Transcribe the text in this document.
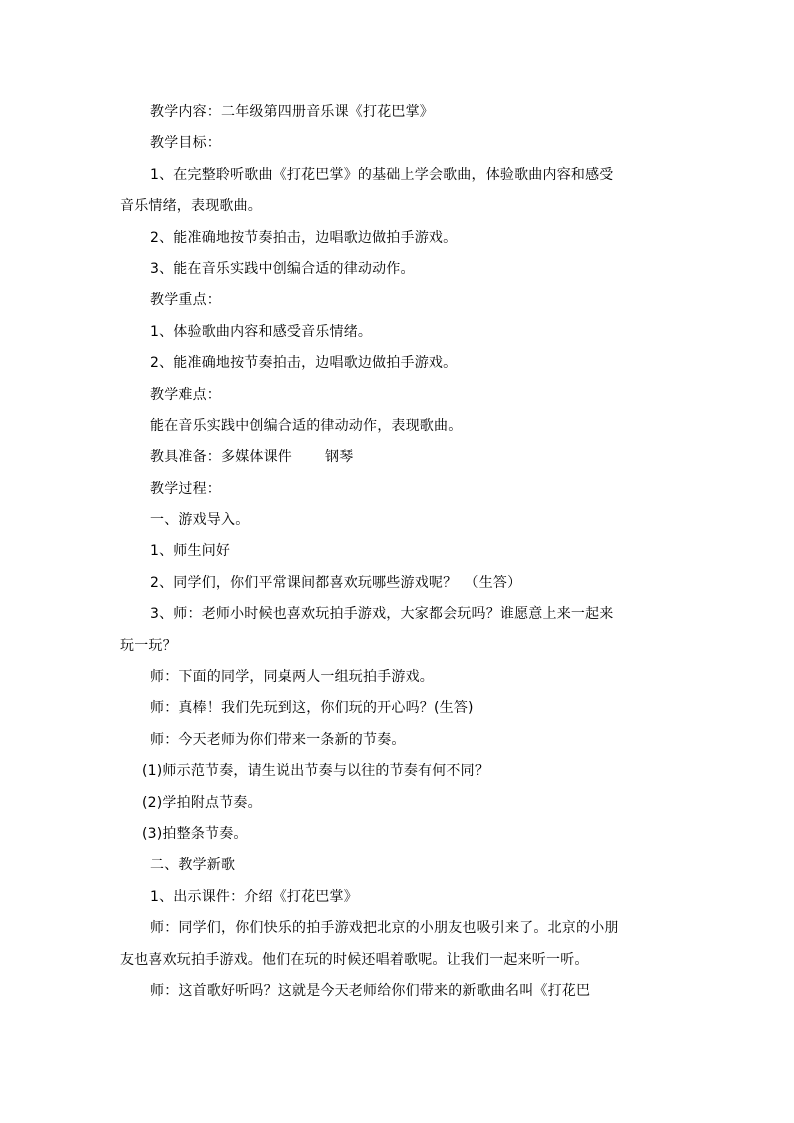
教学内容：二年级第四册音乐课《打花巴掌》
教学目标：
1、在完整聆听歌曲《打花巴掌》的基础上学会歌曲，体验歌曲内容和感受
音乐情绪，表现歌曲。
2、能准确地按节奏拍击，边唱歌边做拍手游戏。
3、能在音乐实践中创编合适的律动动作。
教学重点：
1、体验歌曲内容和感受音乐情绪。
2、能准确地按节奏拍击，边唱歌边做拍手游戏。
教学难点：
能在音乐实践中创编合适的律动动作，表现歌曲。
教具准备：多媒体课件　　 钢琴
教学过程：
一、游戏导入。
1、师生问好
2、同学们，你们平常课间都喜欢玩哪些游戏呢？　（生答）
3、师：老师小时候也喜欢玩拍手游戏，大家都会玩吗？谁愿意上来一起来
玩一玩？
师：下面的同学，同桌两人一组玩拍手游戏。
师：真棒！我们先玩到这，你们玩的开心吗？(生答)
师：今天老师为你们带来一条新的节奏。
(1)师示范节奏，请生说出节奏与以往的节奏有何不同？
(2)学拍附点节奏。
(3)拍整条节奏。
二、教学新歌
1、出示课件：介绍《打花巴掌》
师：同学们，你们快乐的拍手游戏把北京的小朋友也吸引来了。北京的小朋
友也喜欢玩拍手游戏。他们在玩的时候还唱着歌呢。让我们一起来听一听。
师：这首歌好听吗？这就是今天老师给你们带来的新歌曲名叫《打花巴
